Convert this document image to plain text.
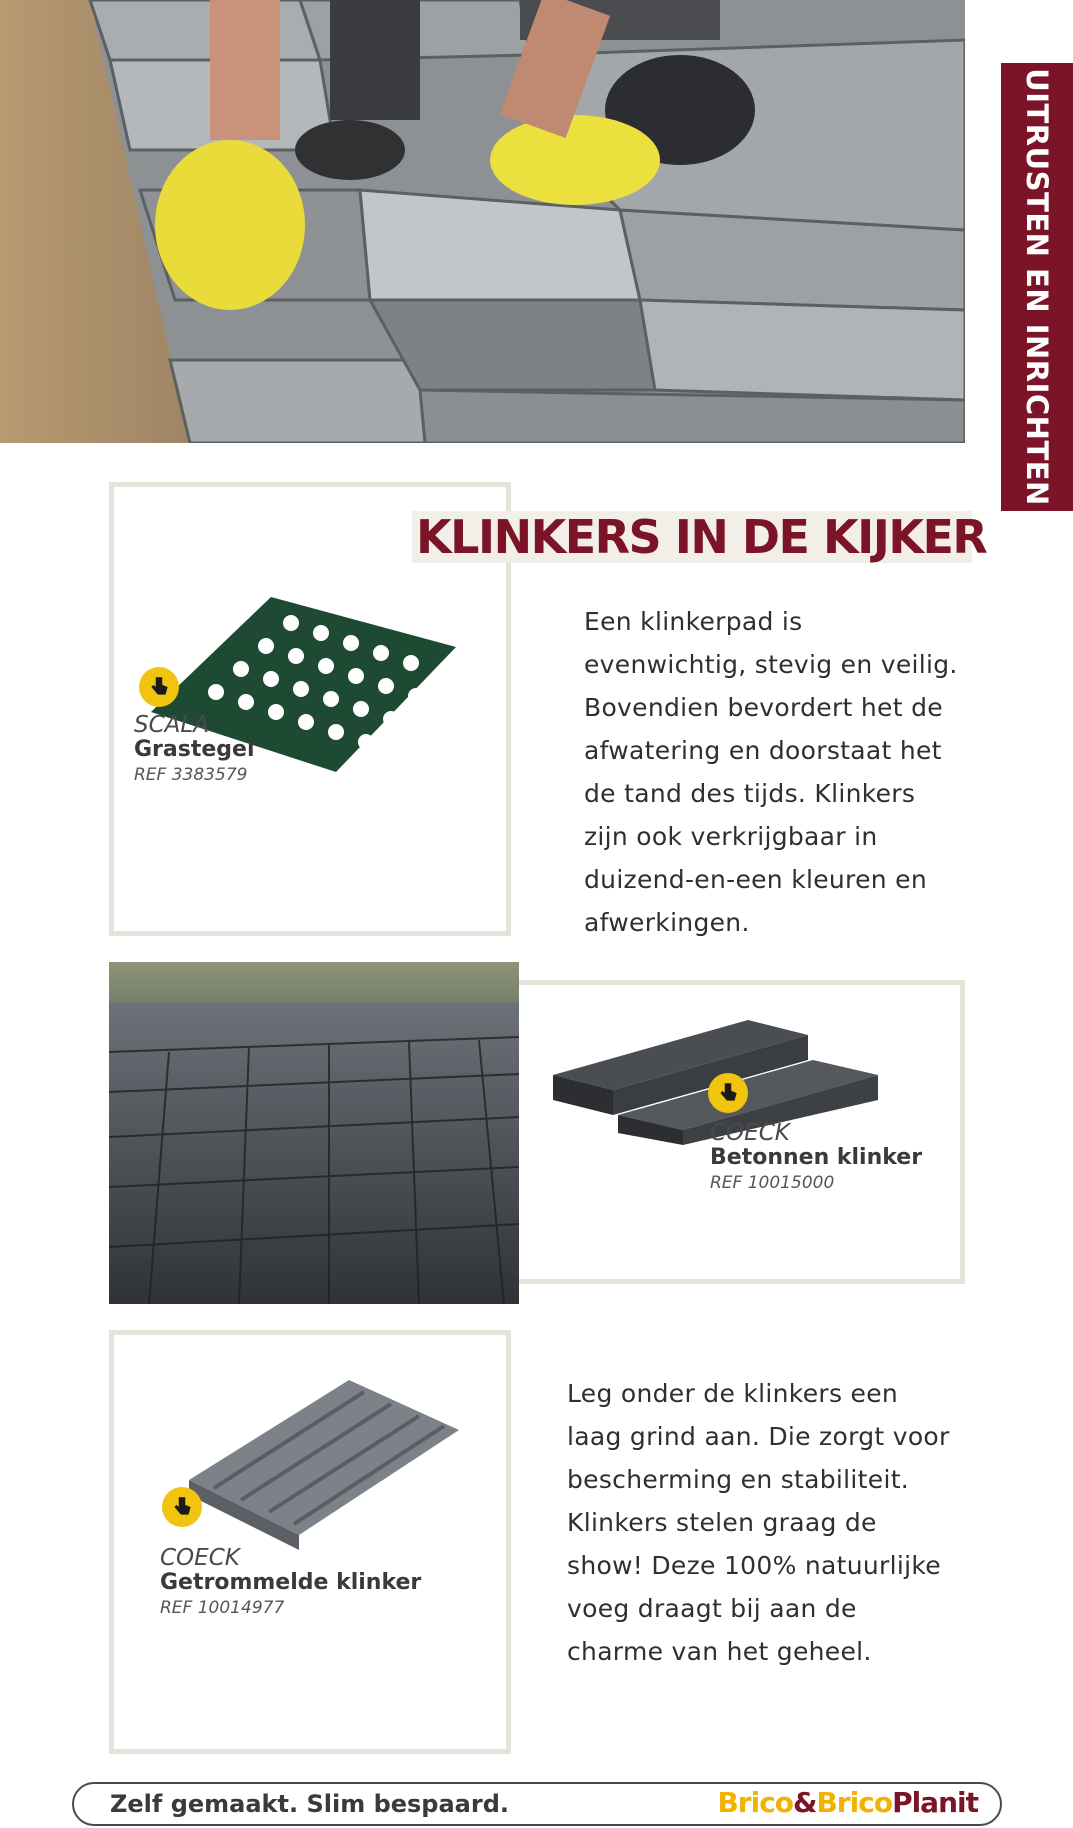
UITRUSTEN EN INRICHTEN
SCALA
Grastegel
REF 3383579
KLINKERS IN DE KIJKER

Een klinkerpad is

evenwichtig, stevig en veilig.

Bovendien bevordert het de

afwatering en doorstaat het

de tand des tijds. Klinkers

zijn ook verkrijgbaar in

duizend-en-een kleuren en

afwerkingen.

COECK
Betonnen klinker
REF 10015000
COECK
Getrommelde klinker
REF 10014977

Leg onder de klinkers een

laag grind aan. Die zorgt voor

bescherming en stabiliteit.

Klinkers stelen graag de

show! Deze 100% natuurlijke

voeg draagt bij aan de

charme van het geheel.

Zelf gemaakt. Slim bespaard.	Brico&BricoPlanit
